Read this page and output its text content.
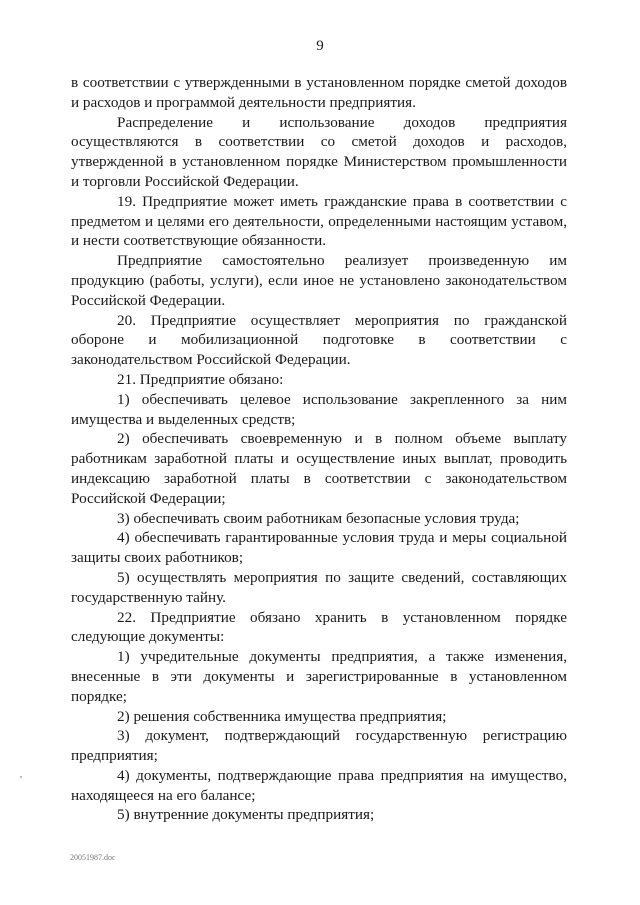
9

в соответствии с утвержденными в установленном порядке сметой доходов и расходов и программой деятельности предприятия.

Распределение и использование доходов предприятия осуществляются в соответствии со сметой доходов и расходов, утвержденной в установленном порядке Министерством промышленности и торговли Российской Федерации.

19. Предприятие может иметь гражданские права в соответствии с предметом и целями его деятельности, определенными настоящим уставом, и нести соответствующие обязанности.

Предприятие самостоятельно реализует произведенную им продукцию (работы, услуги), если иное не установлено законодательством Российской Федерации.

20. Предприятие осуществляет мероприятия по гражданской обороне и мобилизационной подготовке в соответствии с законодательством Российской Федерации.

21. Предприятие обязано:

1) обеспечивать целевое использование закрепленного за ним имущества и выделенных средств;

2) обеспечивать своевременную и в полном объеме выплату работникам заработной платы и осуществление иных выплат, проводить индексацию заработной платы в соответствии с законодательством Российской Федерации;

3) обеспечивать своим работникам безопасные условия труда;

4) обеспечивать гарантированные условия труда и меры социальной защиты своих работников;

5) осуществлять мероприятия по защите сведений, составляющих государственную тайну.

22. Предприятие обязано хранить в установленном порядке следующие документы:

1) учредительные документы предприятия, а также изменения, внесенные в эти документы и зарегистрированные в установленном порядке;

2) решения собственника имущества предприятия;

3) документ, подтверждающий государственную регистрацию предприятия;

4) документы, подтверждающие права предприятия на имущество, находящееся на его балансе;

5) внутренние документы предприятия;

20051987.doc
